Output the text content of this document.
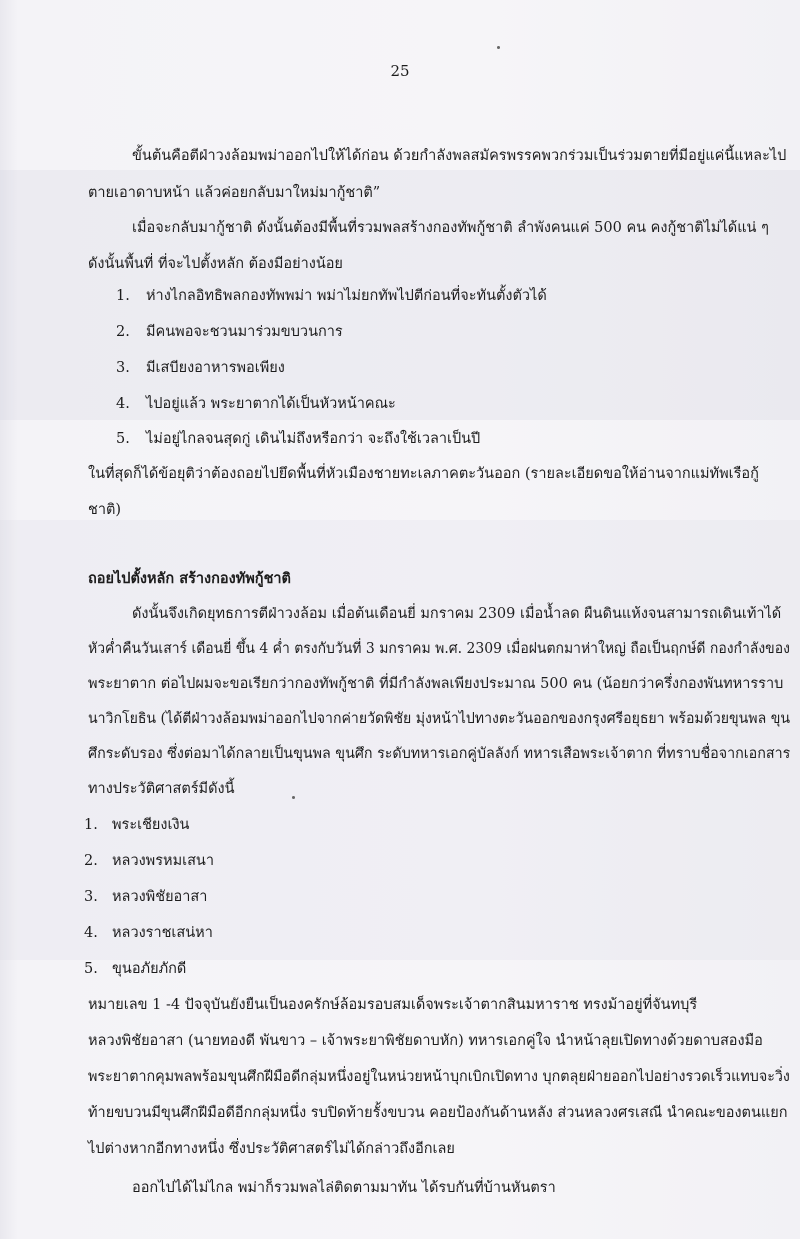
25
ขั้นต้นคือตีฝ่าวงล้อมพม่าออกไปให้ได้ก่อน ด้วยกำลังพลสมัครพรรคพวกร่วมเป็นร่วมตายที่มีอยู่แค่นี้แหละไป
ตายเอาดาบหน้า แล้วค่อยกลับมาใหม่มากู้ชาติ”
เมื่อจะกลับมากู้ชาติ ดังนั้นต้องมีพื้นที่รวมพลสร้างกองทัพกู้ชาติ ลำพังคนแค่ 500 คน คงกู้ชาติไม่ได้แน่ ๆ
ดังนั้นพื้นที่ ที่จะไปตั้งหลัก ต้องมีอย่างน้อย
1. ห่างไกลอิทธิพลกองทัพพม่า พม่าไม่ยกทัพไปตีก่อนที่จะทันตั้งตัวได้
2. มีคนพอจะชวนมาร่วมขบวนการ
3. มีเสบียงอาหารพอเพียง
4. ไปอยู่แล้ว พระยาตากได้เป็นหัวหน้าคณะ
5. ไม่อยู่ไกลจนสุดกู่ เดินไม่ถึงหรือกว่า จะถึงใช้เวลาเป็นปี
ในที่สุดก็ได้ข้อยุติว่าต้องถอยไปยึดพื้นที่หัวเมืองชายทะเลภาคตะวันออก (รายละเอียดขอให้อ่านจากแม่ทัพเรือกู้
ชาติ)
ถอยไปตั้งหลัก สร้างกองทัพกู้ชาติ
ดังนั้นจึงเกิดยุทธการตีฝ่าวงล้อม เมื่อต้นเดือนยี่ มกราคม 2309 เมื่อน้ำลด ผืนดินแห้งจนสามารถเดินเท้าได้
หัวค่ำคืนวันเสาร์ เดือนยี่ ขึ้น 4 ค่ำ ตรงกับวันที่ 3 มกราคม พ.ศ. 2309 เมื่อฝนตกมาห่าใหญ่ ถือเป็นฤกษ์ดี กองกำลังของ
พระยาตาก ต่อไปผมจะขอเรียกว่ากองทัพกู้ชาติ ที่มีกำลังพลเพียงประมาณ 500 คน (น้อยกว่าครึ่งกองพันทหารราบ
นาวิกโยธิน (ได้ตีฝ่าวงล้อมพม่าออกไปจากค่ายวัดพิชัย มุ่งหน้าไปทางตะวันออกของกรุงศรีอยุธยา พร้อมด้วยขุนพล ขุน
ศึกระดับรอง ซึ่งต่อมาได้กลายเป็นขุนพล ขุนศึก ระดับทหารเอกคู่บัลลังก์ ทหารเสือพระเจ้าตาก ที่ทราบชื่อจากเอกสาร
ทางประวัติศาสตร์มีดังนี้
1. พระเชียงเงิน
2. หลวงพรหมเสนา
3. หลวงพิชัยอาสา
4. หลวงราชเสน่หา
5. ขุนอภัยภักดี
หมายเลข 1 -4 ปัจจุบันยังยืนเป็นองครักษ์ล้อมรอบสมเด็จพระเจ้าตากสินมหาราช ทรงม้าอยู่ที่จันทบุรี
หลวงพิชัยอาสา (นายทองดี พันขาว – เจ้าพระยาพิชัยดาบหัก) ทหารเอกคู่ใจ นำหน้าลุยเปิดทางด้วยดาบสองมือ
พระยาตากคุมพลพร้อมขุนศึกฝีมือดีกลุ่มหนึ่งอยู่ในหน่วยหน้าบุกเบิกเปิดทาง บุกตลุยฝ่ายออกไปอย่างรวดเร็วแทบจะวิ่ง
ท้ายขบวนมีขุนศึกฝีมือดีอีกกลุ่มหนึ่ง รบปิดท้ายรั้งขบวน คอยป้องกันด้านหลัง ส่วนหลวงศรเสณี นำคณะของตนแยก
ไปต่างหากอีกทางหนึ่ง ซึ่งประวัติศาสตร์ไม่ได้กล่าวถึงอีกเลย
ออกไปได้ไม่ไกล พม่าก็รวมพลไล่ติดตามมาทัน ได้รบกันที่บ้านหันตรา
